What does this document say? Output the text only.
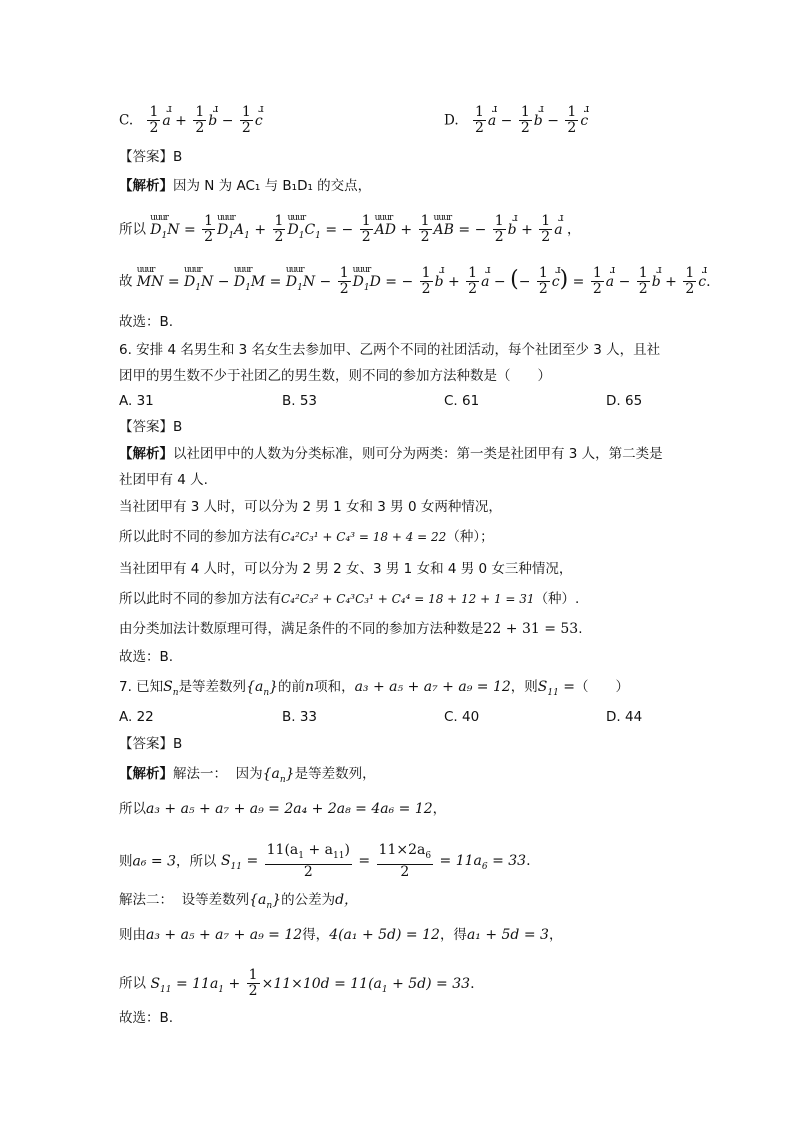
C. $\frac{1}{2}$ ɹ $a + \frac{1}{2}$ ɹ $b - \frac{1}{2}$ ɹ c	D. $\frac{1}{2}$ ɹ $a - \frac{1}{2}$ ɹ $b - \frac{1}{2}$ ɹ c
【答案】B
【解析】因为 N 为 AC₁ 与 B₁D₁ 的交点，
所以 uuur $D_1N = \frac{1}{2}$ uuur $D_1A_1 + \frac{1}{2}$ uuur $D_1C_1$ = − $\frac{1}{2}$ uuur AD + $\frac{1}{2}$ uuur AB = − $\frac{1}{2}$ ɹ $b + \frac{1}{2}$ ɹ a ，
故 uuur MN = uuur $D_1N$ − uuur $D_1M$ = uuur $D_1N - \frac{1}{2}$ uuur $D_1D$ = − $\frac{1}{2}$ ɹ $b + \frac{1}{2}$ ɹ a − (− $\frac{1}{2}$ ɹ $c) = \frac{1}{2}$ ɹ $a - \frac{1}{2}$ ɹ $b + \frac{1}{2}$ ɹ c.
故选：B.
6. 安排 4 名男生和 3 名女生去参加甲、乙两个不同的社团活动，每个社团至少 3 人，且社
团甲的男生数不少于社团乙的男生数，则不同的参加方法种数是（　　）
A. 31	B. 53	C. 61	D. 65
【答案】B
【解析】以社团甲中的人数为分类标准，则可分为两类：第一类是社团甲有 3 人，第二类是
社团甲有 4 人.
当社团甲有 3 人时，可以分为 2 男 1 女和 3 男 0 女两种情况，
所以此时不同的参加方法有C₄²C₃¹ + C₄³ = 18 + 4 = 22（种）；
当社团甲有 4 人时，可以分为 2 男 2 女、3 男 1 女和 4 男 0 女三种情况，
所以此时不同的参加方法有C₄²C₃² + C₄³C₃¹ + C₄⁴ = 18 + 12 + 1 = 31（种）.
由分类加法计数原理可得，满足条件的不同的参加方法种数是22 + 31 = 53.
故选：B.
7. 已知$S_n$是等差数列$\{a_n\}$的前n项和，a₃ + a₅ + a₇ + a₉ = 12，则$S_{11}$ =（　　）
A. 22	B. 33	C. 40	D. 44
【答案】B
【解析】解法一： 因为$\{a_n\}$是等差数列，
所以a₃ + a₅ + a₇ + a₉ = 2a₄ + 2a₈ = 4a₆ = 12，
则a₆ = 3，所以 $S_{11} = \frac{11(a_1 + a_{11})}{2} = \frac{11\times 2a_6}{2} = 11a_6 = 33$.
解法二： 设等差数列$\{a_n\}$的公差为d，
则由a₃ + a₅ + a₇ + a₉ = 12得，4(a₁ + 5d) = 12，得a₁ + 5d = 3，
所以 $S_{11} = 11a_1 + \frac{1}{2} \times 11\times 10d = 11(a_1 + 5d) = 33$.
故选：B.
